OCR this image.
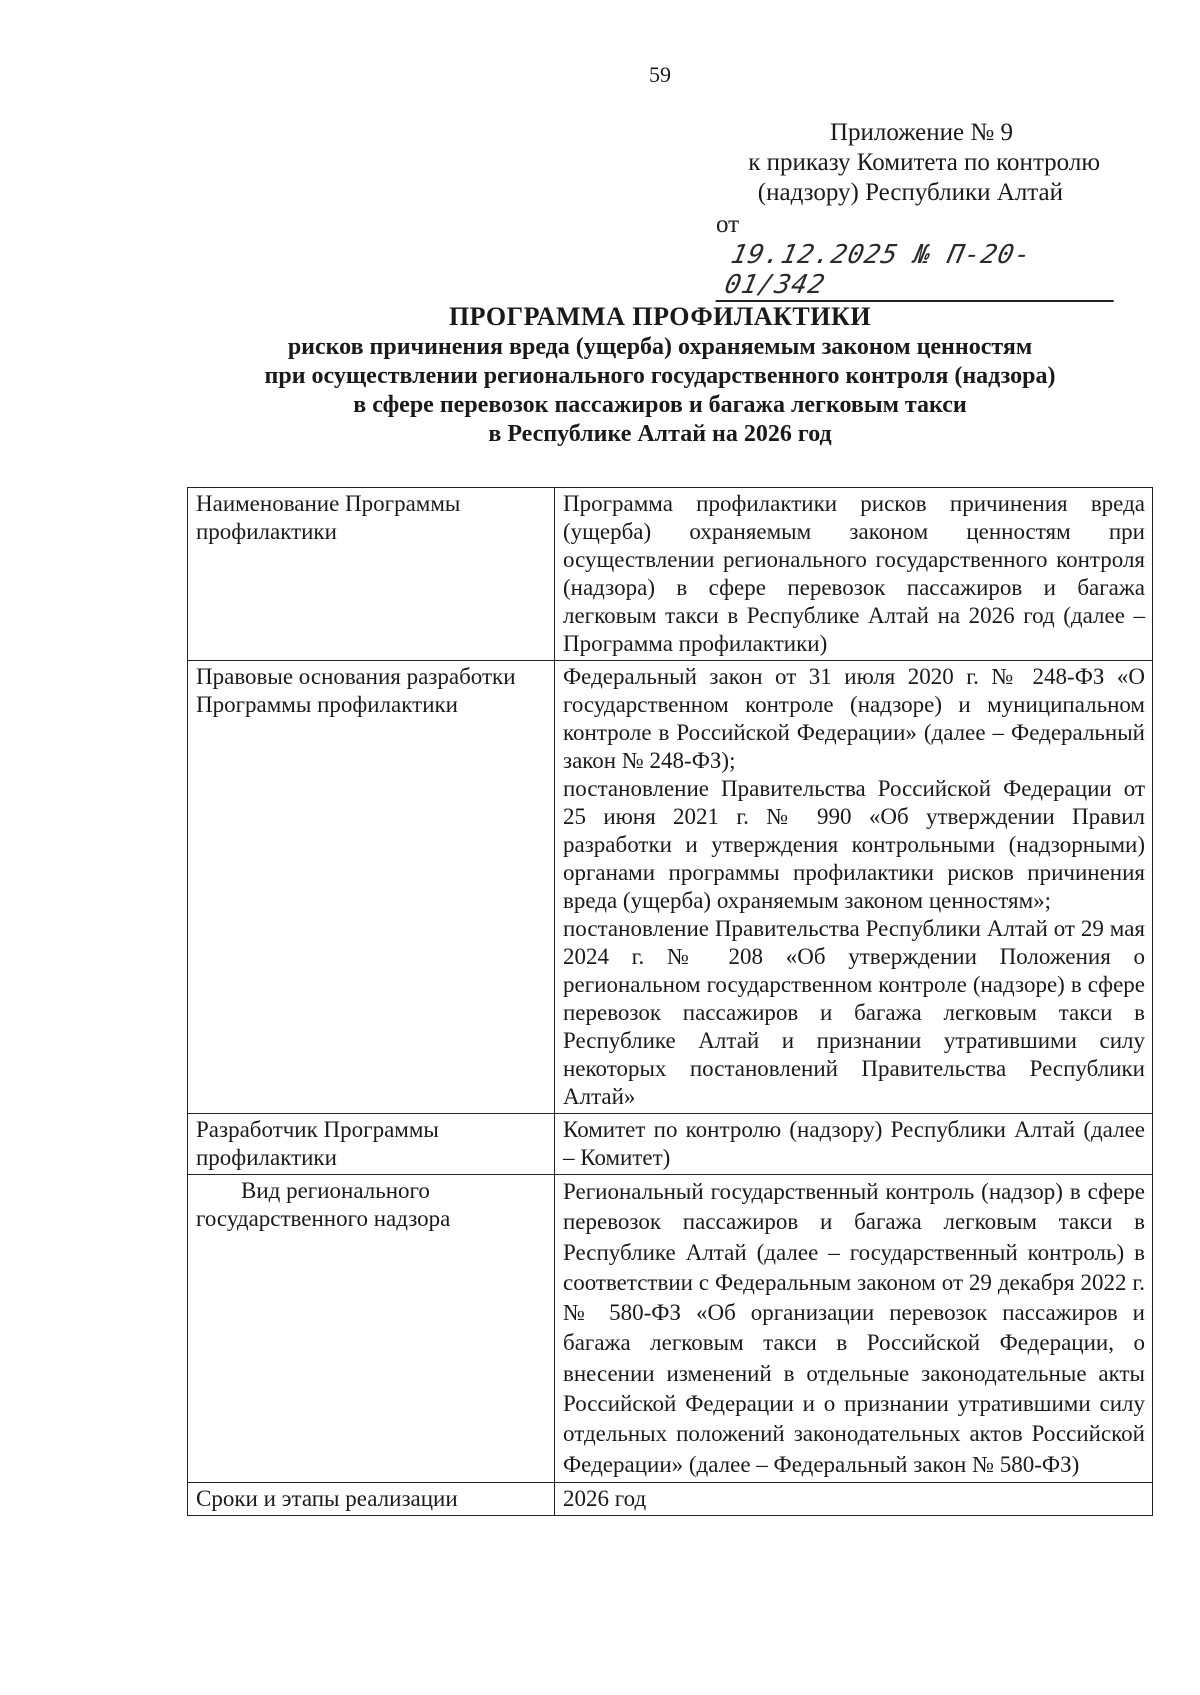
59
Приложение № 9
к приказу Комитета по контролю
(надзору) Республики Алтай
от19.12.2025 № П-20-01/342
ПРОГРАММА ПРОФИЛАКТИКИ
рисков причинения вреда (ущерба) охраняемым законом ценностям
при осуществлении регионального государственного контроля (надзора)
в сфере перевозок пассажиров и багажа легковым такси
в Республике Алтай на 2026 год
Наименование Программы профилактики	Программа профилактики рисков причинения вреда (ущерба) охраняемым законом ценностям при осуществлении регионального государственного контроля (надзора) в сфере перевозок пассажиров и багажа легковым такси в Республике Алтай на 2026 год (далее – Программа профилактики)
Правовые основания разработки Программы профилактики	Федеральный закон от 31 июля 2020 г. № 248-ФЗ «О государственном контроле (надзоре) и муниципальном контроле в Российской Федерации» (далее – Федеральный закон № 248-ФЗ);
постановление Правительства Российской Федерации от 25 июня 2021 г. № 990 «Об утверждении Правил разработки и утверждения контрольными (надзорными) органами программы профилактики рисков причинения вреда (ущерба) охраняемым законом ценностям»;
постановление Правительства Республики Алтай от 29 мая 2024 г. № 208 «Об утверждении Положения о региональном государственном контроле (надзоре) в сфере перевозок пассажиров и багажа легковым такси в Республике Алтай и признании утратившими силу некоторых постановлений Правительства Республики Алтай»

Разработчик Программы профилактики	Комитет по контролю (надзору) Республики Алтай (далее – Комитет)

Вид регионального
государственного надзора	Региональный государственный контроль (надзор) в сфере перевозок пассажиров и багажа легковым такси в Республике Алтай (далее – государственный контроль) в соответствии с Федеральным законом от 29 декабря 2022 г. № 580-ФЗ «Об организации перевозок пассажиров и багажа легковым такси в Российской Федерации, о внесении изменений в отдельные законодательные акты Российской Федерации и о признании утратившими силу отдельных положений законодательных актов Российской Федерации» (далее – Федеральный закон № 580-ФЗ)
Сроки и этапы реализации	2026 год
